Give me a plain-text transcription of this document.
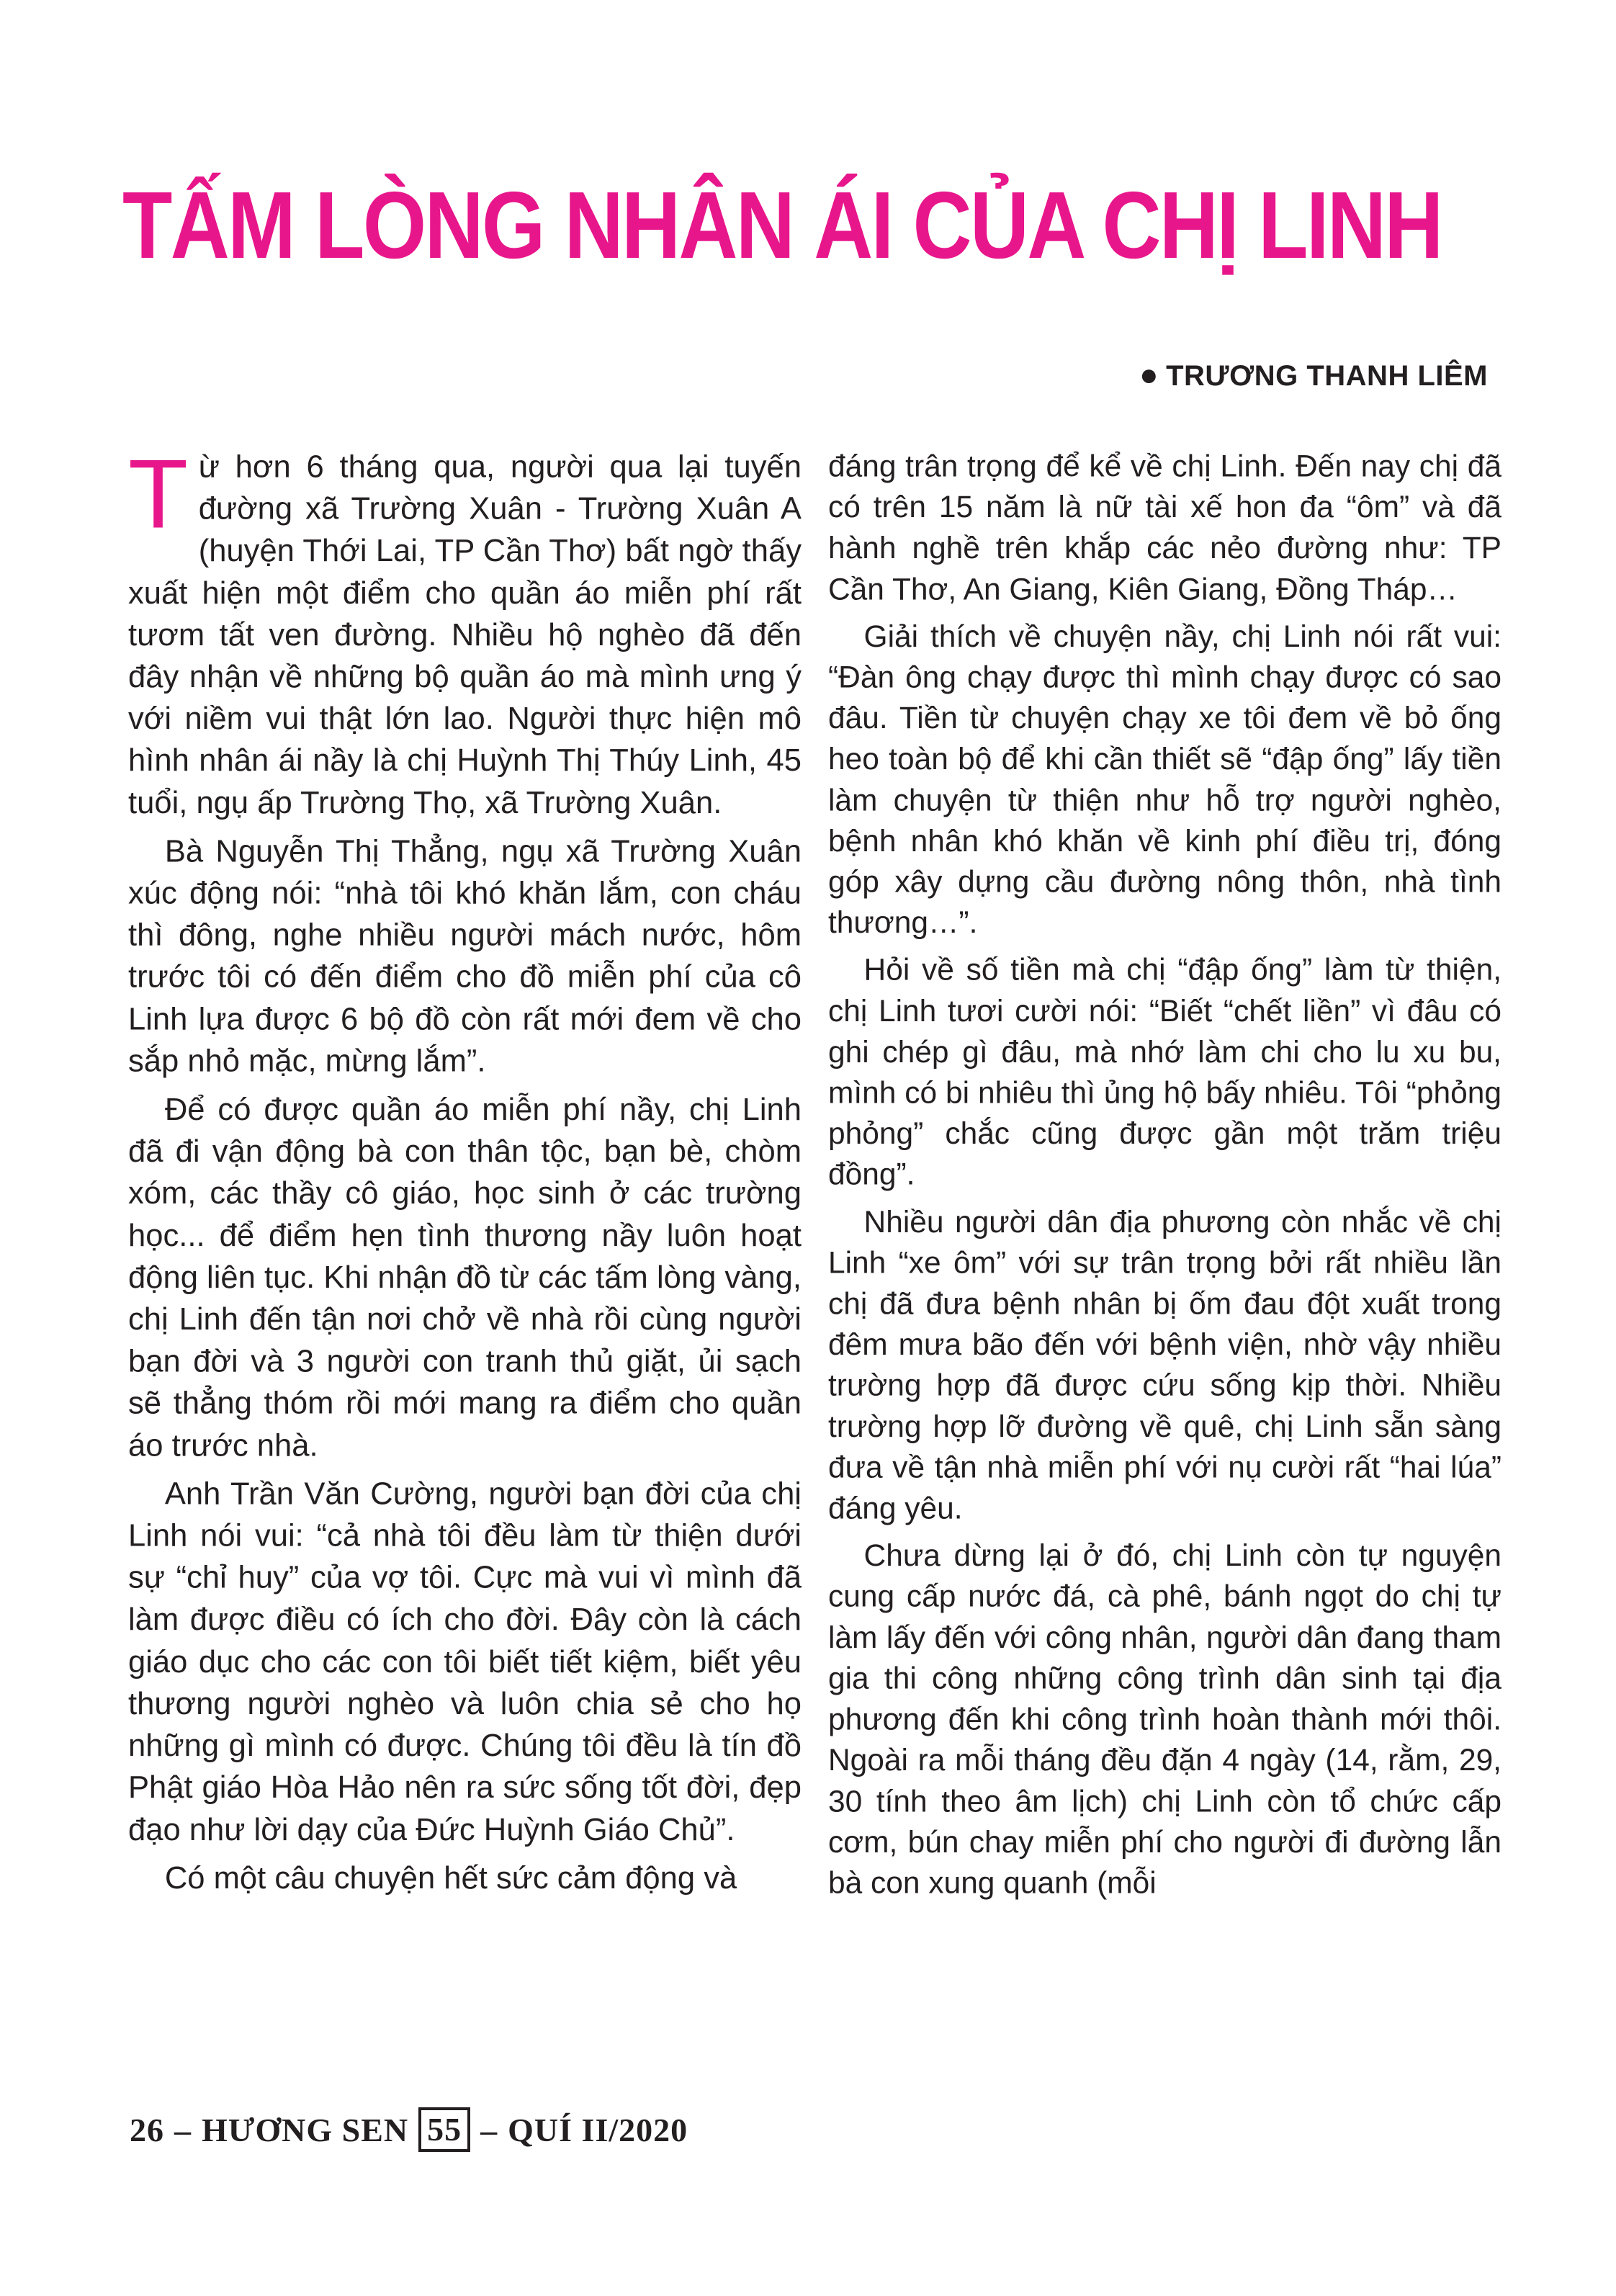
TẤM LÒNG NHÂN ÁI CỦA CHỊ LINH
● TRƯƠNG THANH LIÊM

Từ hơn 6 tháng qua, người qua lại tuyến đường xã Trường Xuân - Trường Xuân A (huyện Thới Lai, TP Cần Thơ) bất ngờ thấy xuất hiện một điểm cho quần áo miễn phí rất tươm tất ven đường. Nhiều hộ nghèo đã đến đây nhận về những bộ quần áo mà mình ưng ý với niềm vui thật lớn lao. Người thực hiện mô hình nhân ái nầy là chị Huỳnh Thị Thúy Linh, 45 tuổi, ngụ ấp Trường Thọ, xã Trường Xuân.

Bà Nguyễn Thị Thẳng, ngụ xã Trường Xuân xúc động nói: “nhà tôi khó khăn lắm, con cháu thì đông, nghe nhiều người mách nước, hôm trước tôi có đến điểm cho đồ miễn phí của cô Linh lựa được 6 bộ đồ còn rất mới đem về cho sắp nhỏ mặc, mừng lắm”.

Để có được quần áo miễn phí nầy, chị Linh đã đi vận động bà con thân tộc, bạn bè, chòm xóm, các thầy cô giáo, học sinh ở các trường học... để điểm hẹn tình thương nầy luôn hoạt động liên tục. Khi nhận đồ từ các tấm lòng vàng, chị Linh đến tận nơi chở về nhà rồi cùng người bạn đời và 3 người con tranh thủ giặt, ủi sạch sẽ thẳng thóm rồi mới mang ra điểm cho quần áo trước nhà.

Anh Trần Văn Cường, người bạn đời của chị Linh nói vui: “cả nhà tôi đều làm từ thiện dưới sự “chỉ huy” của vợ tôi. Cực mà vui vì mình đã làm được điều có ích cho đời. Đây còn là cách giáo dục cho các con tôi biết tiết kiệm, biết yêu thương người nghèo và luôn chia sẻ cho họ những gì mình có được. Chúng tôi đều là tín đồ Phật giáo Hòa Hảo nên ra sức sống tốt đời, đẹp đạo như lời dạy của Đức Huỳnh Giáo Chủ”.

Có một câu chuyện hết sức cảm động và

đáng trân trọng để kể về chị Linh. Đến nay chị đã có trên 15 năm là nữ tài xế hon đa “ôm” và đã hành nghề trên khắp các nẻo đường như: TP Cần Thơ, An Giang, Kiên Giang, Đồng Tháp…

Giải thích về chuyện nầy, chị Linh nói rất vui: “Đàn ông chạy được thì mình chạy được có sao đâu. Tiền từ chuyện chạy xe tôi đem về bỏ ống heo toàn bộ để khi cần thiết sẽ “đập ống” lấy tiền làm chuyện từ thiện như hỗ trợ người nghèo, bệnh nhân khó khăn về kinh phí điều trị, đóng góp xây dựng cầu đường nông thôn, nhà tình thương…”.

Hỏi về số tiền mà chị “đập ống” làm từ thiện, chị Linh tươi cười nói: “Biết “chết liền” vì đâu có ghi chép gì đâu, mà nhớ làm chi cho lu xu bu, mình có bi nhiêu thì ủng hộ bấy nhiêu. Tôi “phỏng phỏng” chắc cũng được gần một trăm triệu đồng”.

Nhiều người dân địa phương còn nhắc về chị Linh “xe ôm” với sự trân trọng bởi rất nhiều lần chị đã đưa bệnh nhân bị ốm đau đột xuất trong đêm mưa bão đến với bệnh viện, nhờ vậy nhiều trường hợp đã được cứu sống kịp thời. Nhiều trường hợp lỡ đường về quê, chị Linh sẵn sàng đưa về tận nhà miễn phí với nụ cười rất “hai lúa” đáng yêu.

Chưa dừng lại ở đó, chị Linh còn tự nguyện cung cấp nước đá, cà phê, bánh ngọt do chị tự làm lấy đến với công nhân, người dân đang tham gia thi công những công trình dân sinh tại địa phương đến khi công trình hoàn thành mới thôi. Ngoài ra mỗi tháng đều đặn 4 ngày (14, rằm, 29, 30 tính theo âm lịch) chị Linh còn tổ chức cấp cơm, bún chay miễn phí cho người đi đường lẫn bà con xung quanh (mỗi

26 – HƯƠNG SEN 55 – QUÍ II/2020
